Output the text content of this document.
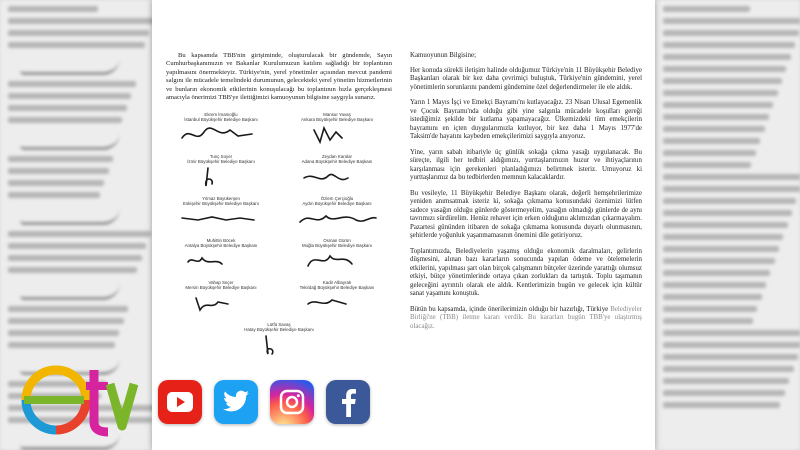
Bu kapsamda TBB'nin girişiminde, oluşturulacak bir gündemde, Sayın Cumhurbaşkanımızın ve Bakanlar Kurulumuzun katılım sağladığı bir toplantının yapılmasını önermekteyiz. Türkiye'nin, yerel yönetimler açısından mevcut pandemi salgını ile mücadele temelindeki durumunun, gelecekteki yerel yönetim hizmetlerinin ve bunların ekonomik etkilerinin konuşulacağı bu toplantının hızla gerçekleşmesi amacıyla önerimizi TBB'ye ilettiğimizi kamuoyunun bilgisine saygıyla sunarız.

Ekrem İmamoğlu
İstanbul Büyükşehir Belediye Başkanı
Mansur Yavaş
Ankara Büyükşehir Belediye Başkanı
Tunç Soyer
İzmir Büyükşehir Belediye Başkanı
Zeydan Karalar
Adana Büyükşehir Belediye Başkanı
Yılmaz Büyükerşen
Eskişehir Büyükşehir Belediye Başkanı
Özlem Çerçioğlu
Aydın Büyükşehir Belediye Başkanı
Muhittin Böcek
Antalya Büyükşehir Belediye Başkanı
Osman Gürün
Muğla Büyükşehir Belediye Başkanı
Vahap Seçer
Mersin Büyükşehir Belediye Başkanı
Kadir Albayrak
Tekirdağ Büyükşehir Belediye Başkanı
Lütfü Savaş
Hatay Büyükşehir Belediye Başkanı

Kamuoyunun Bilgisine;

Her konuda sürekli iletişim halinde olduğumuz Türkiye'nin 11 Büyükşehir Belediye Başkanları olarak bir kez daha çevrimiçi buluştuk, Türkiye'nin gündemini, yerel yönetimlerin sorunlarını pandemi gündemine özel değerlendirmeler ile ele aldık.

Yarın 1 Mayıs İşçi ve Emekçi Bayramı'nı kutlayacağız. 23 Nisan Ulusal Egemenlik ve Çocuk Bayramı'nda olduğu gibi yine salgınla mücadele koşulları gereği istediğimiz şekilde bir kutlama yapamayacağız. Ülkemizdeki tüm emekçilerin bayramını en içten duygularımızla kutluyor, bir kez daha 1 Mayıs 1977'de Taksim'de hayatını kaybeden emekçilerimizi saygıyla anıyoruz.

Yine, yarın sabah itibariyle üç günlük sokağa çıkma yasağı uygulanacak. Bu süreçte, ilgili her tedbiri aldığımızı, yurttaşlarımızın huzur ve ihtiyaçlarının karşılanması için gerekenleri planladığımızı belirtmek isteriz. Umuyoruz ki yurttaşlarımız da bu tedbirlerden memnun kalacaklardır.

Bu vesileyle, 11 Büyükşehir Belediye Başkanı olarak, değerli hemşehrilerimize yeniden anımsatmak isteriz ki, sokağa çıkmama konusundaki özenimizi lütfen sadece yasağın olduğu günlerde göstermeyelim, yasağın olmadığı günlerde de aynı tavrımızı sürdürelim. Henüz rehavet için erken olduğunu aklımızdan çıkarmayalım. Pazartesi gününden itibaren de sokağa çıkmama konusunda duyarlı olunmasının, şehirlerde yoğunluk yaşanmamasının önemini dile getiriyoruz.

Toplantımızda, Belediyelerin yaşamış olduğu ekonomik daralmaları, gelirlerin düşmesini, alınan bazı kararların sonucunda yapılan ödeme ve ötelemelerin etkilerini, yapılması şart olan birçok çalışmanın bütçeler üzerinde yarattığı olumsuz etkiyi, bütçe yönetimlerinde ortaya çıkan zorlukları da tartıştık. Toplu taşımanın geleceğini ayrıntılı olarak ele aldık. Kentlerimizin bugün ve gelecek için kültür sanat yaşamını konuştuk.

Bütün bu kapsamda, içinde önerilerimizin olduğu bir hazırlığı, Türkiye Belediyeler Birliği'ne (TBB) iletme kararı verdik. Bu kararları bugün TBB'ye ulaştırmış olacağız.
